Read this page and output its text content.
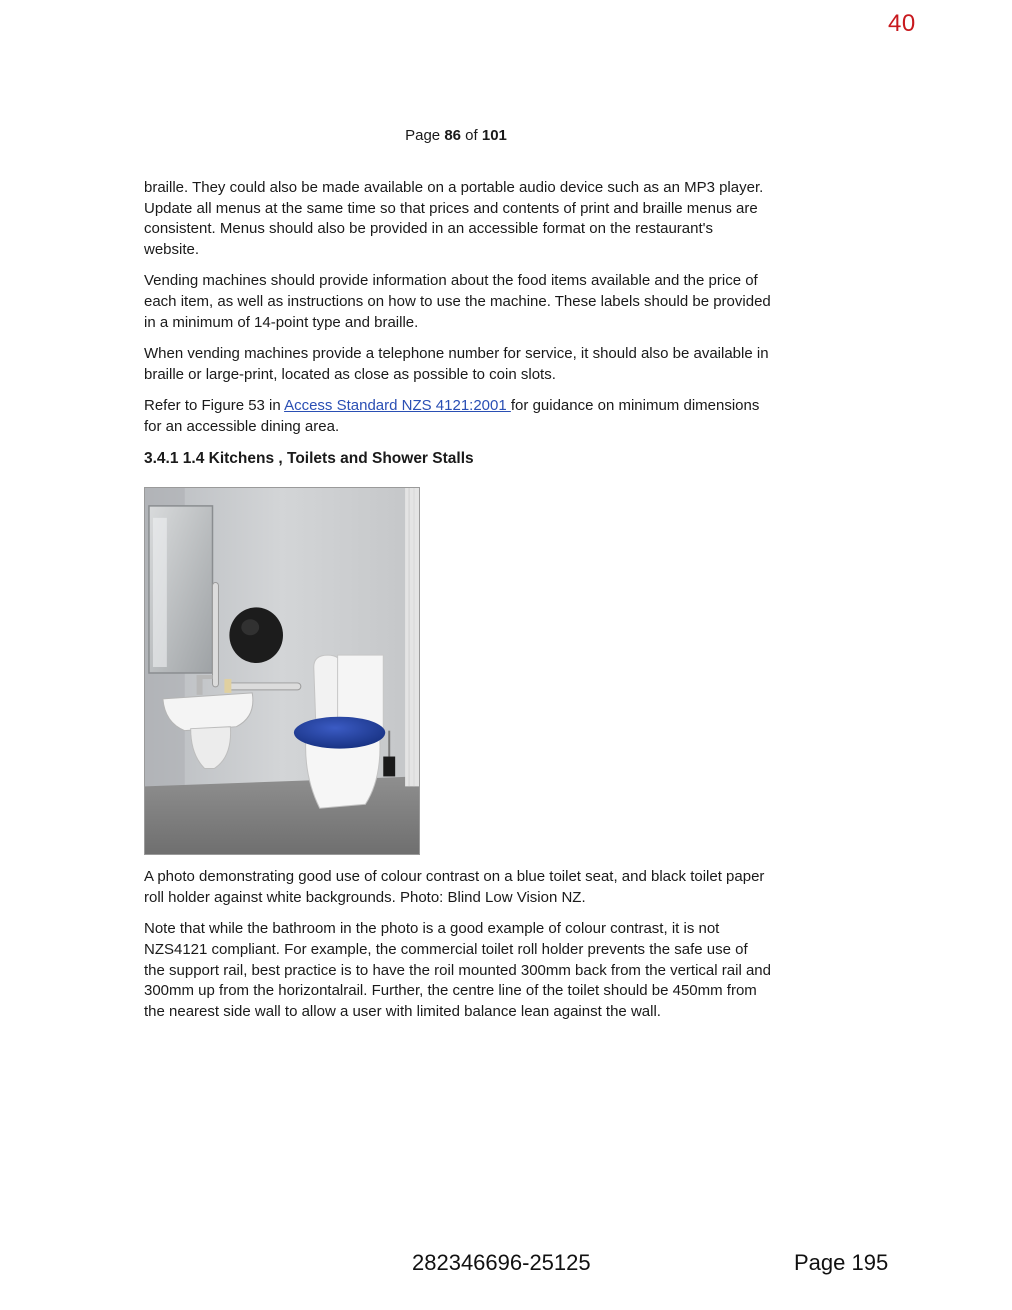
40
Page 86 of 101

braille. They could also be made available on a portable audio device such as an MP3 player. Update all menus at the same time so that prices and contents of print and braille menus are consistent. Menus should also be provided in an accessible format on the restaurant's website.

Vending machines should provide information about the food items available and the price of each item, as well as instructions on how to use the machine. These labels should be provided in a minimum of 14-point type and braille.

When vending machines provide a telephone number for service, it should also be available in braille or large-print, located as close as possible to coin slots.

Refer to Figure 53 in Access Standard NZS 4121:2001 for guidance on minimum dimensions for an accessible dining area.

3.4.1 1.4 Kitchens , Toilets and Shower Stalls

A photo demonstrating good use of colour contrast on a blue toilet seat, and black toilet paper roll holder against white backgrounds. Photo: Blind Low Vision NZ.

Note that while the bathroom in the photo is a good example of colour contrast, it is not NZS4121 compliant. For example, the commercial toilet roll holder prevents the safe use of the support rail, best practice is to have the roil mounted 300mm back from the vertical rail and 300mm up from the horizontalrail. Further, the centre line of the toilet should be 450mm from the nearest side wall to allow a user with limited balance lean against the wall.

282346696-25125	Page 195
